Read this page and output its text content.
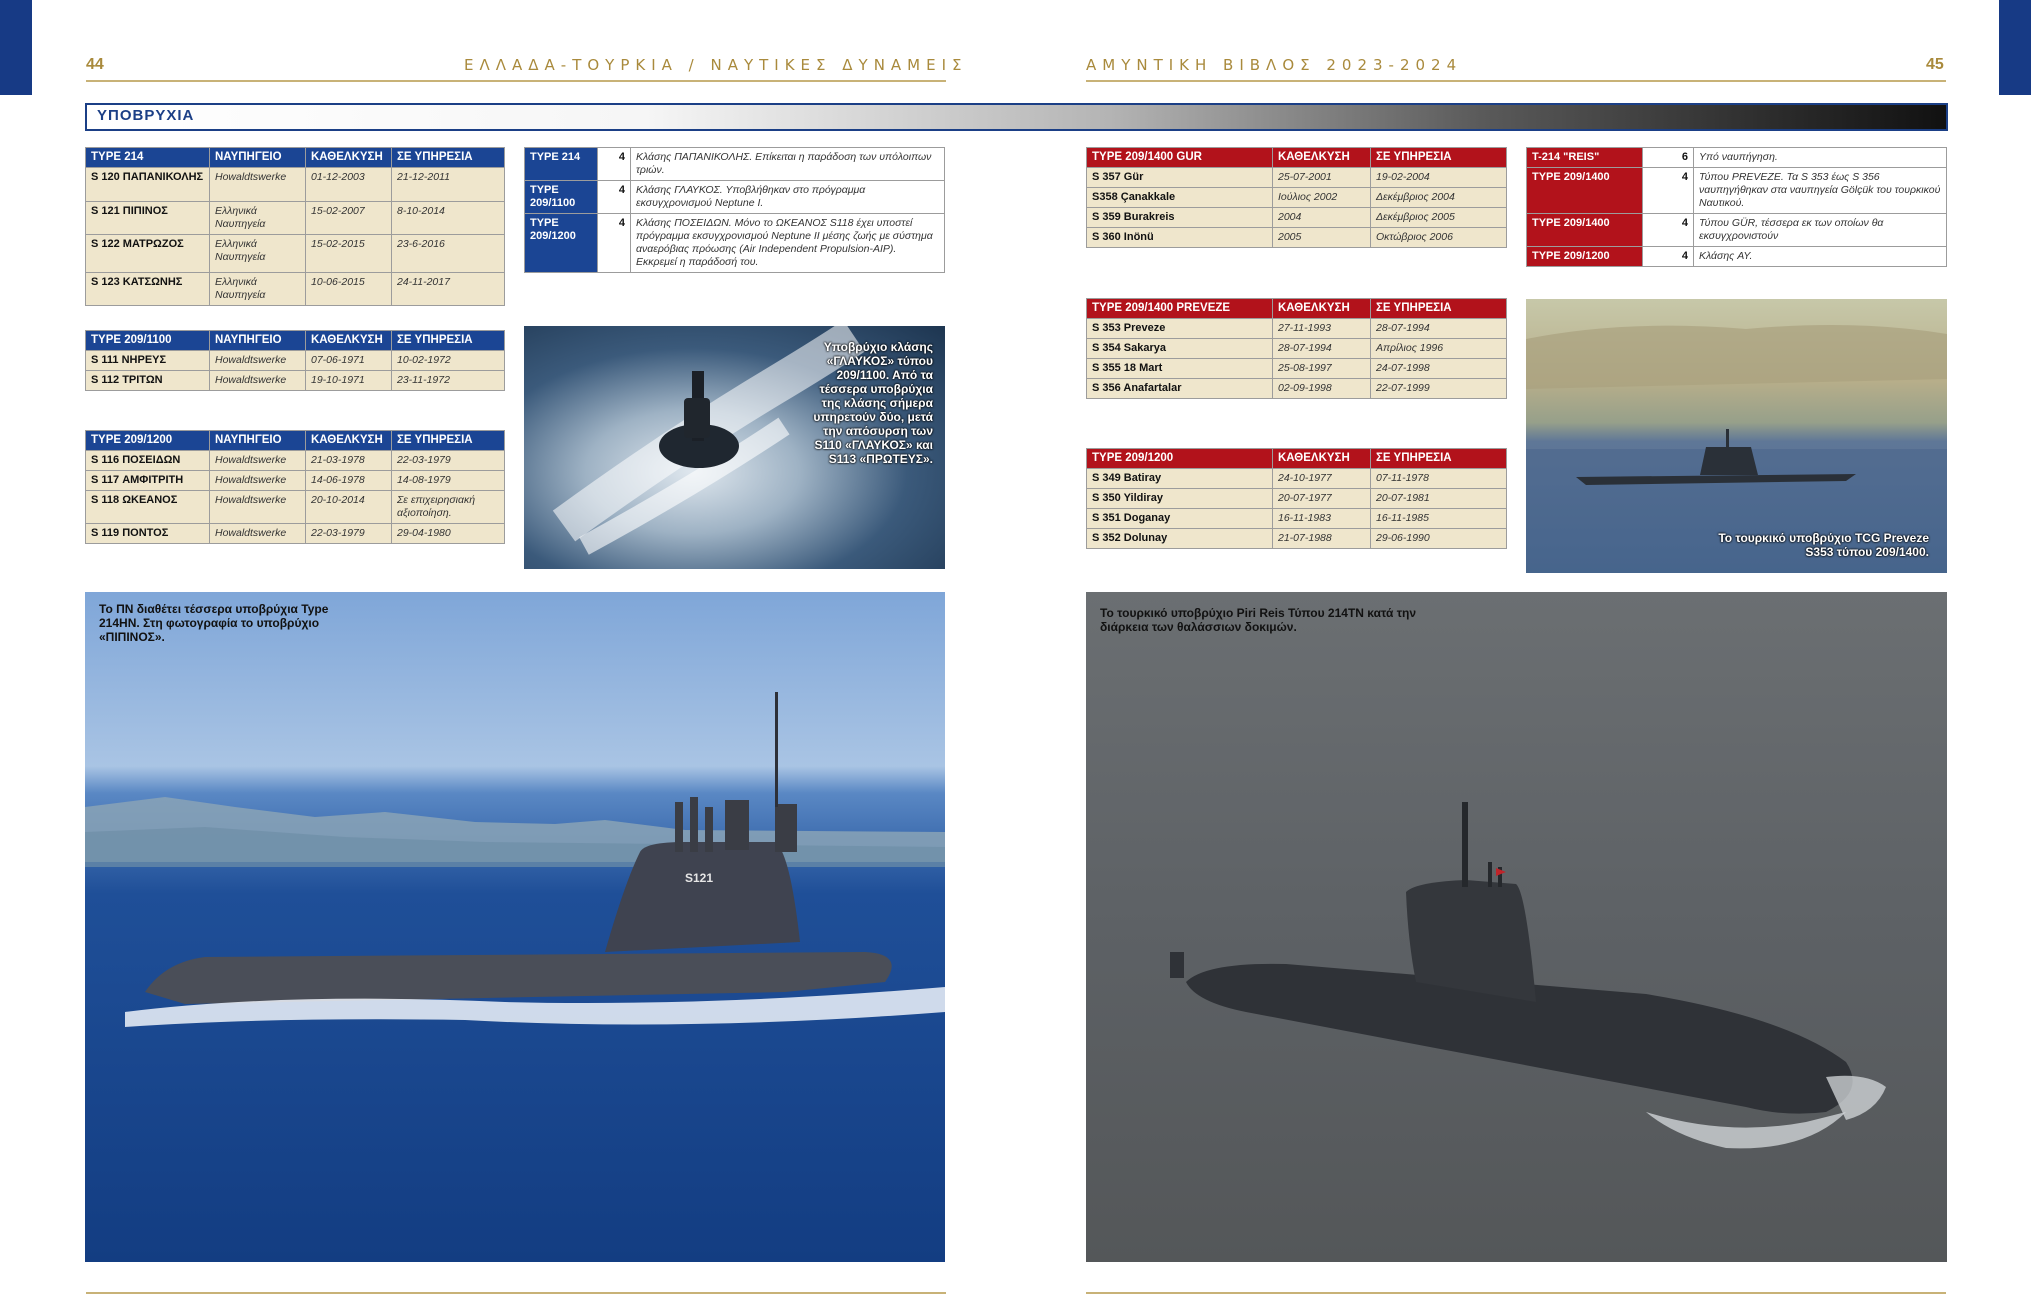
44	ΕΛΛΑΔΑ-ΤΟΥΡΚΙΑ / ΝΑΥΤΙΚΕΣ ΔΥΝΑΜΕΙΣ	ΑΜΥΝΤΙΚΗ ΒΙΒΛΟΣ 2023-2024	45
ΥΠΟΒΡΥΧΙΑ
TYPE 214	ΝΑΥΠΗΓΕΙΟ	ΚΑΘΕΛΚΥΣΗ	ΣΕ ΥΠΗΡΕΣΙΑ
S 120 ΠΑΠΑΝΙΚΟΛΗΣ	Howaldtswerke	01-12-2003	21-12-2011
S 121 ΠΙΠΙΝΟΣ	Ελληνικά Ναυπηγεία	15-02-2007	8-10-2014
S 122 ΜΑΤΡΩΖΟΣ	Ελληνικά Ναυπηγεία	15-02-2015	23-6-2016
S 123 ΚΑΤΣΩΝΗΣ	Ελληνικά Ναυπηγεία	10-06-2015	24-11-2017
TYPE 209/1100	ΝΑΥΠΗΓΕΙΟ	ΚΑΘΕΛΚΥΣΗ	ΣΕ ΥΠΗΡΕΣΙΑ
S 111 ΝΗΡΕΥΣ	Howaldtswerke	07-06-1971	10-02-1972
S 112 ΤΡΙΤΩΝ	Howaldtswerke	19-10-1971	23-11-1972
TYPE 209/1200	ΝΑΥΠΗΓΕΙΟ	ΚΑΘΕΛΚΥΣΗ	ΣΕ ΥΠΗΡΕΣΙΑ
S 116 ΠΟΣΕΙΔΩΝ	Howaldtswerke	21-03-1978	22-03-1979
S 117 ΑΜΦΙΤΡΙΤΗ	Howaldtswerke	14-06-1978	14-08-1979
S 118 ΩΚΕΑΝΟΣ	Howaldtswerke	20-10-2014	Σε επιχειρησιακή αξιοποίηση.
S 119 ΠΟΝΤΟΣ	Howaldtswerke	22-03-1979	29-04-1980
TYPE 214	4	Κλάσης ΠΑΠΑΝΙΚΟΛΗΣ. Επίκειται η παράδοση των υπόλοιπων τριών.
TYPE 209/1100	4	Κλάσης ΓΛΑΥΚΟΣ. Υποβλήθηκαν στο πρόγραμμα εκσυγχρονισμού Neptune I.
TYPE 209/1200	4	Κλάσης ΠΟΣΕΙΔΩΝ. Μόνο το ΩΚΕΑΝΟΣ S118 έχει υποστεί πρόγραμμα εκσυγχρονισμού Neptune II μέσης ζωής με σύστημα αναερόβιας πρόωσης (Air Independent Propulsion-AIP). Εκκρεμεί η παράδοσή του.
Υποβρύχιο κλάσης «ΓΛΑΥΚΟΣ» τύπου 209/1100. Από τα τέσσερα υποβρύχια της κλάσης σήμερα υπηρετούν δύο, μετά την απόσυρση των S110 «ΓΛΑΥΚΟΣ» και S113 «ΠΡΩΤΕΥΣ».
S121
Το ΠΝ διαθέτει τέσσερα υποβρύχια Type 214HN. Στη φωτογραφία το υποβρύχιο «ΠΙΠΙΝΟΣ».
TYPE 209/1400 GUR	ΚΑΘΕΛΚΥΣΗ	ΣΕ ΥΠΗΡΕΣΙΑ
S 357 Gür	25-07-2001	19-02-2004
S358 Çanakkale	Ιούλιος 2002	Δεκέμβριος 2004
S 359 Burakreis	2004	Δεκέμβριος 2005
S 360 Inönü	2005	Οκτώβριος 2006
TYPE 209/1400 PREVEZE	ΚΑΘΕΛΚΥΣΗ	ΣΕ ΥΠΗΡΕΣΙΑ
S 353 Preveze	27-11-1993	28-07-1994
S 354 Sakarya	28-07-1994	Απρίλιος 1996
S 355 18 Mart	25-08-1997	24-07-1998
S 356 Anafartalar	02-09-1998	22-07-1999
TYPE 209/1200	ΚΑΘΕΛΚΥΣΗ	ΣΕ ΥΠΗΡΕΣΙΑ
S 349 Batiray	24-10-1977	07-11-1978
S 350 Yildiray	20-07-1977	20-07-1981
S 351 Doganay	16-11-1983	16-11-1985
S 352 Dolunay	21-07-1988	29-06-1990
T-214 "REIS"	6	Υπό ναυπήγηση.
TYPE 209/1400	4	Τύπου PREVEZE. Τα S 353 έως S 356 ναυπηγήθηκαν στα ναυπηγεία Gölçük του τουρκικού Ναυτικού.
TYPE 209/1400	4	Τύπου GÜR, τέσσερα εκ των οποίων θα εκσυγχρονιστούν
TYPE 209/1200	4	Κλάσης AY.
Το τουρκικό υποβρύχιο TCG Preveze S353 τύπου 209/1400.
Το τουρκικό υποβρύχιο Piri Reis Τύπου 214TN κατά την διάρκεια των θαλάσσιων δοκιμών.
